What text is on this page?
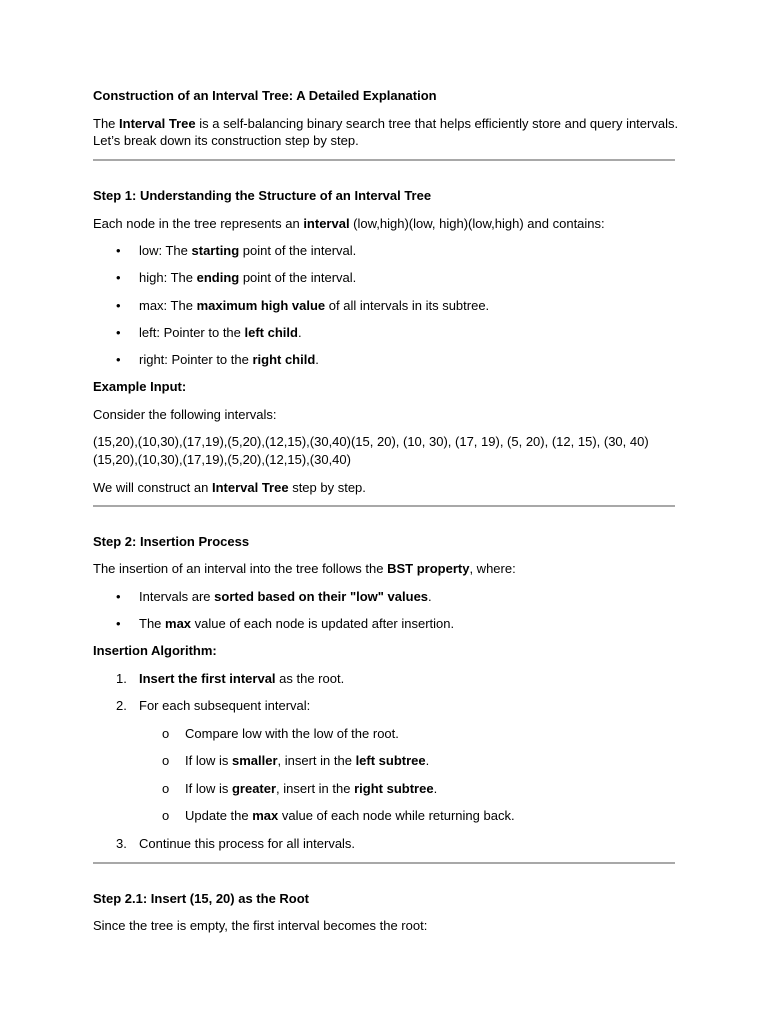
Construction of an Interval Tree: A Detailed Explanation
The Interval Tree is a self-balancing binary search tree that helps efficiently store and query intervals.
Let’s break down its construction step by step.
Step 1: Understanding the Structure of an Interval Tree
Each node in the tree represents an interval (low,high)(low, high)(low,high) and contains:
•
low: The starting point of the interval.
•
high: The ending point of the interval.
•
max: The maximum high value of all intervals in its subtree.
•
left: Pointer to the left child.
•
right: Pointer to the right child.
Example Input:
Consider the following intervals:
(15,20),(10,30),(17,19),(5,20),(12,15),(30,40)(15, 20), (10, 30), (17, 19), (5, 20), (12, 15), (30, 40)
(15,20),(10,30),(17,19),(5,20),(12,15),(30,40)
We will construct an Interval Tree step by step.
Step 2: Insertion Process
The insertion of an interval into the tree follows the BST property, where:
•
Intervals are sorted based on their "low" values.
•
The max value of each node is updated after insertion.
Insertion Algorithm:
1. Insert the first interval as the root.
2. For each subsequent interval:
o Compare low with the low of the root.
o If low is smaller, insert in the left subtree.
o If low is greater, insert in the right subtree.
o Update the max value of each node while returning back.
3. Continue this process for all intervals.
Step 2.1: Insert (15, 20) as the Root
Since the tree is empty, the first interval becomes the root:
